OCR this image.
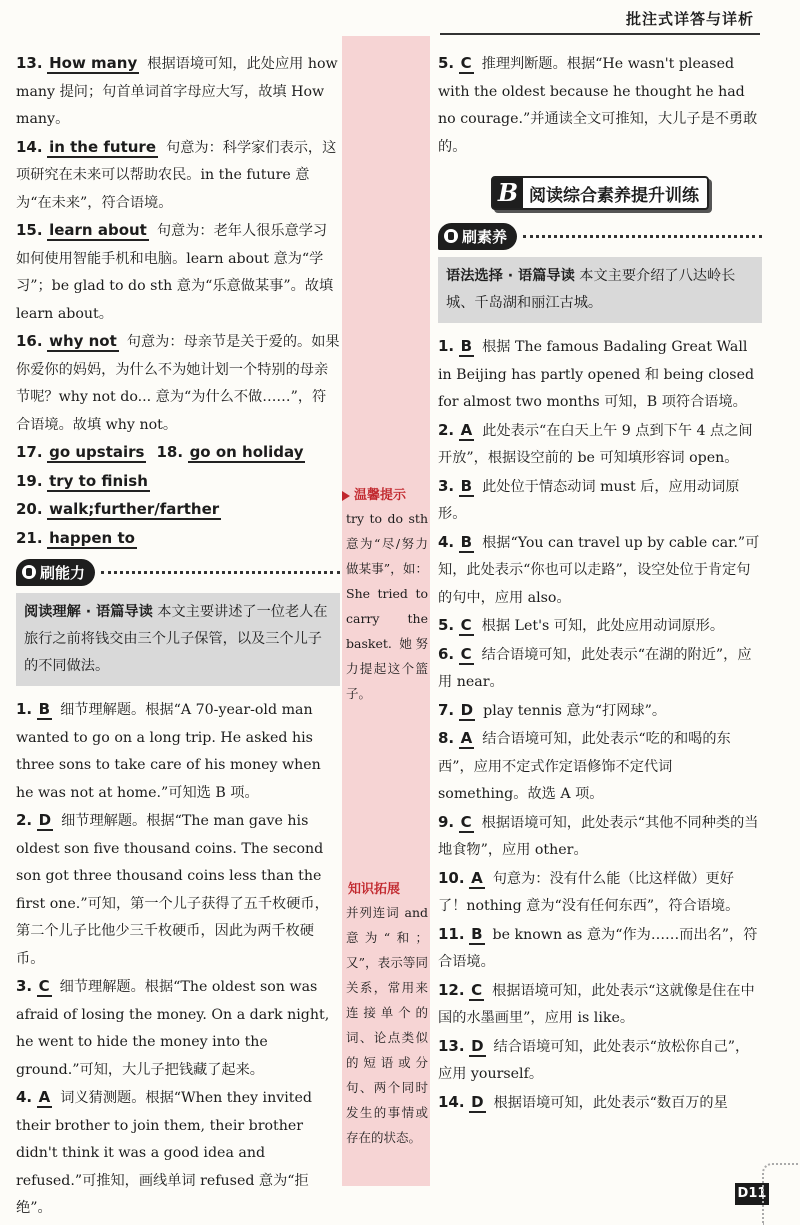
批注式详答与详析
13. How many 根据语境可知，此处应用 how many 提问；句首单词首字母应大写，故填 How many。
14. in the future 句意为：科学家们表示，这项研究在未来可以帮助农民。in the future 意为“在未来”，符合语境。
15. learn about 句意为：老年人很乐意学习如何使用智能手机和电脑。learn about 意为“学习”；be glad to do sth 意为“乐意做某事”。故填 learn about。
16. why not 句意为：母亲节是关于爱的。如果你爱你的妈妈，为什么不为她计划一个特别的母亲节呢？why not do... 意为“为什么不做……”，符合语境。故填 why not。
17. go upstairs 18. go on holiday
19. try to finish
20. walk;further/farther
21. happen to
刷能力
阅读理解 · 语篇导读 本文主要讲述了一位老人在旅行之前将钱交由三个儿子保管，以及三个儿子的不同做法。
1. B 细节理解题。根据“A 70-year-old man wanted to go on a long trip. He asked his three sons to take care of his money when he was not at home.”可知选 B 项。
2. D 细节理解题。根据“The man gave his oldest son five thousand coins. The second son got three thousand coins less than the first one.”可知，第一个儿子获得了五千枚硬币，第二个儿子比他少三千枚硬币，因此为两千枚硬币。
3. C 细节理解题。根据“The oldest son was afraid of losing the money. On a dark night, he went to hide the money into the ground.”可知，大儿子把钱藏了起来。
4. A 词义猜测题。根据“When they invited their brother to join them, their brother didn't think it was a good idea and refused.”可推知，画线单词 refused 意为“拒绝”。
温馨提示
try to do sth 意为“尽/努力做某事”，如：She tried to carry the basket. 她努力提起这个篮子。
知识拓展
并列连词 and 意为“和；又”，表示等同关系，常用来连接单个的词、论点类似的短语或分句、两个同时发生的事情或存在的状态。
5. C 推理判断题。根据“He wasn't pleased with the oldest because he thought he had no courage.”并通读全文可推知，大儿子是不勇敢的。
B 阅读综合素养提升训练
刷素养
语法选择 · 语篇导读 本文主要介绍了八达岭长城、千岛湖和丽江古城。
1. B 根据 The famous Badaling Great Wall in Beijing has partly opened 和 being closed for almost two months 可知，B 项符合语境。
2. A 此处表示“在白天上午 9 点到下午 4 点之间开放”，根据设空前的 be 可知填形容词 open。
3. B 此处位于情态动词 must 后，应用动词原形。
4. B 根据“You can travel up by cable car.”可知，此处表示“你也可以走路”，设空处位于肯定句的句中，应用 also。
5. C 根据 Let's 可知，此处应用动词原形。
6. C 结合语境可知，此处表示“在湖的附近”，应用 near。
7. D play tennis 意为“打网球”。
8. A 结合语境可知，此处表示“吃的和喝的东西”，应用不定式作定语修饰不定代词 something。故选 A 项。
9. C 根据语境可知，此处表示“其他不同种类的当地食物”，应用 other。
10. A 句意为：没有什么能（比这样做）更好了！nothing 意为“没有任何东西”，符合语境。
11. B be known as 意为“作为……而出名”，符合语境。
12. C 根据语境可知，此处表示“这就像是住在中国的水墨画里”，应用 is like。
13. D 结合语境可知，此处表示“放松你自己”，应用 yourself。
14. D 根据语境可知，此处表示“数百万的星
D11
